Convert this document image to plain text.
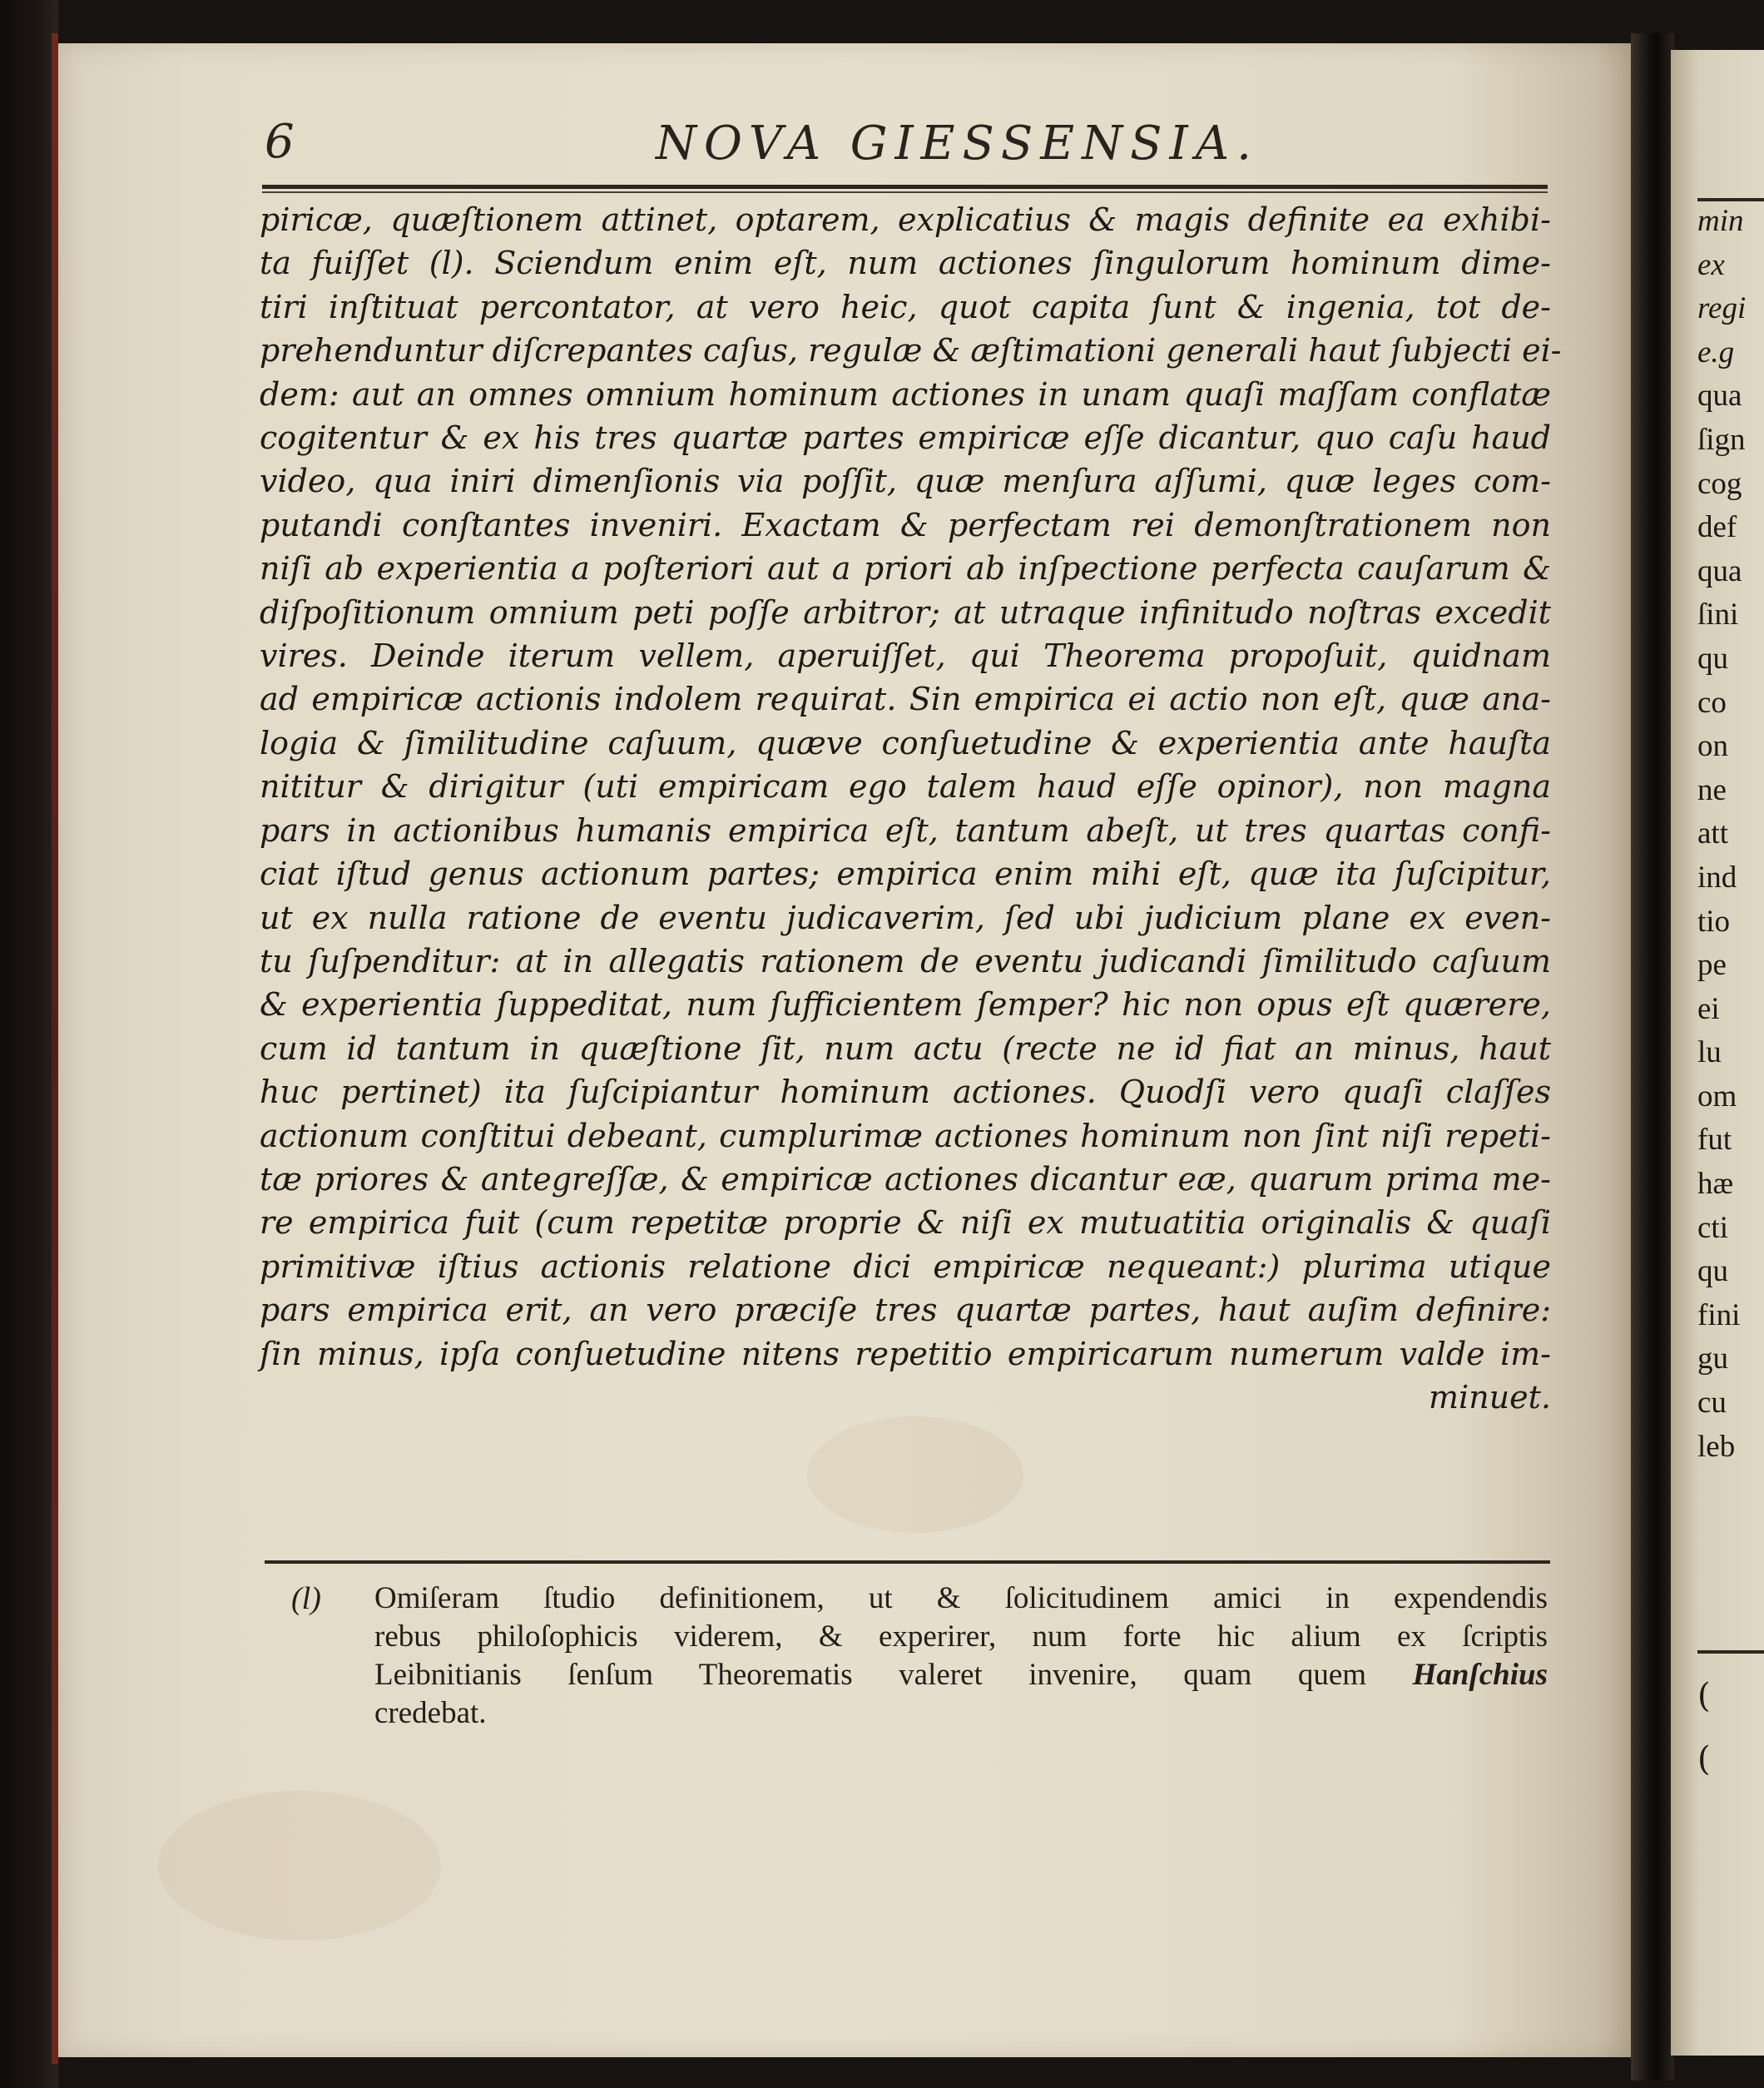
6	NOVA GIESSENSIA.
piricæ, quæſtionem attinet, optarem, explicatius & magis definite ea exhibi-
ta fuiſſet (l). Sciendum enim eſt, num actiones ſingulorum hominum dime-
tiri inſtituat percontator, at vero heic, quot capita ſunt & ingenia, tot de-
prehenduntur diſcrepantes caſus, regulæ & æſtimationi generali haut ſubjecti ei-
dem: aut an omnes omnium hominum actiones in unam quaſi maſſam conflatæ
cogitentur & ex his tres quartæ partes empiricæ eſſe dicantur, quo caſu haud
video, qua iniri dimenſionis via poſſit, quæ menſura aſſumi, quæ leges com-
putandi conſtantes inveniri. Exactam & perfectam rei demonſtrationem non
niſi ab experientia a poſteriori aut a priori ab inſpectione perfecta cauſarum &
diſpoſitionum omnium peti poſſe arbitror; at utraque infinitudo noſtras excedit
vires. Deinde iterum vellem, aperuiſſet, qui Theorema propoſuit, quidnam
ad empiricæ actionis indolem requirat. Sin empirica ei actio non eſt, quæ ana-
logia & ſimilitudine caſuum, quæve conſuetudine & experientia ante hauſta
nititur & dirigitur (uti empiricam ego talem haud eſſe opinor), non magna
pars in actionibus humanis empirica eſt, tantum abeſt, ut tres quartas confi-
ciat iſtud genus actionum partes; empirica enim mihi eſt, quæ ita ſuſcipitur,
ut ex nulla ratione de eventu judicaverim, ſed ubi judicium plane ex even-
tu ſuſpenditur: at in allegatis rationem de eventu judicandi ſimilitudo caſuum
& experientia ſuppeditat, num ſufficientem ſemper? hic non opus eſt quærere,
cum id tantum in quæſtione ſit, num actu (recte ne id fiat an minus, haut
huc pertinet) ita ſuſcipiantur hominum actiones. Quodſi vero quaſi claſſes
actionum conſtitui debeant, cumplurimæ actiones hominum non ſint niſi repeti-
tæ priores & antegreſſæ, & empiricæ actiones dicantur eæ, quarum prima me-
re empirica fuit (cum repetitæ proprie & niſi ex mutuatitia originalis & quaſi
primitivæ iſtius actionis relatione dici empiricæ nequeant:) plurima utique
pars empirica erit, an vero præciſe tres quartæ partes, haut auſim definire:
ſin minus, ipſa conſuetudine nitens repetitio empiricarum numerum valde im-
minuet.
(l) Omiſeram ſtudio definitionem, ut & ſolicitudinem amici in expendendis
rebus philoſophicis viderem, & experirer, num forte hic alium ex ſcriptis
Leibnitianis ſenſum Theorematis valeret invenire, quam quem Hanſchius
credebat.
min
ex
regi
e.g
qua
ſign
cog
def
qua
ſini
qu
co
on
ne
att
ind
tio
pe
ei
lu
om
fut
hæ
cti
qu
fini
gu
cu
leb
(
(
